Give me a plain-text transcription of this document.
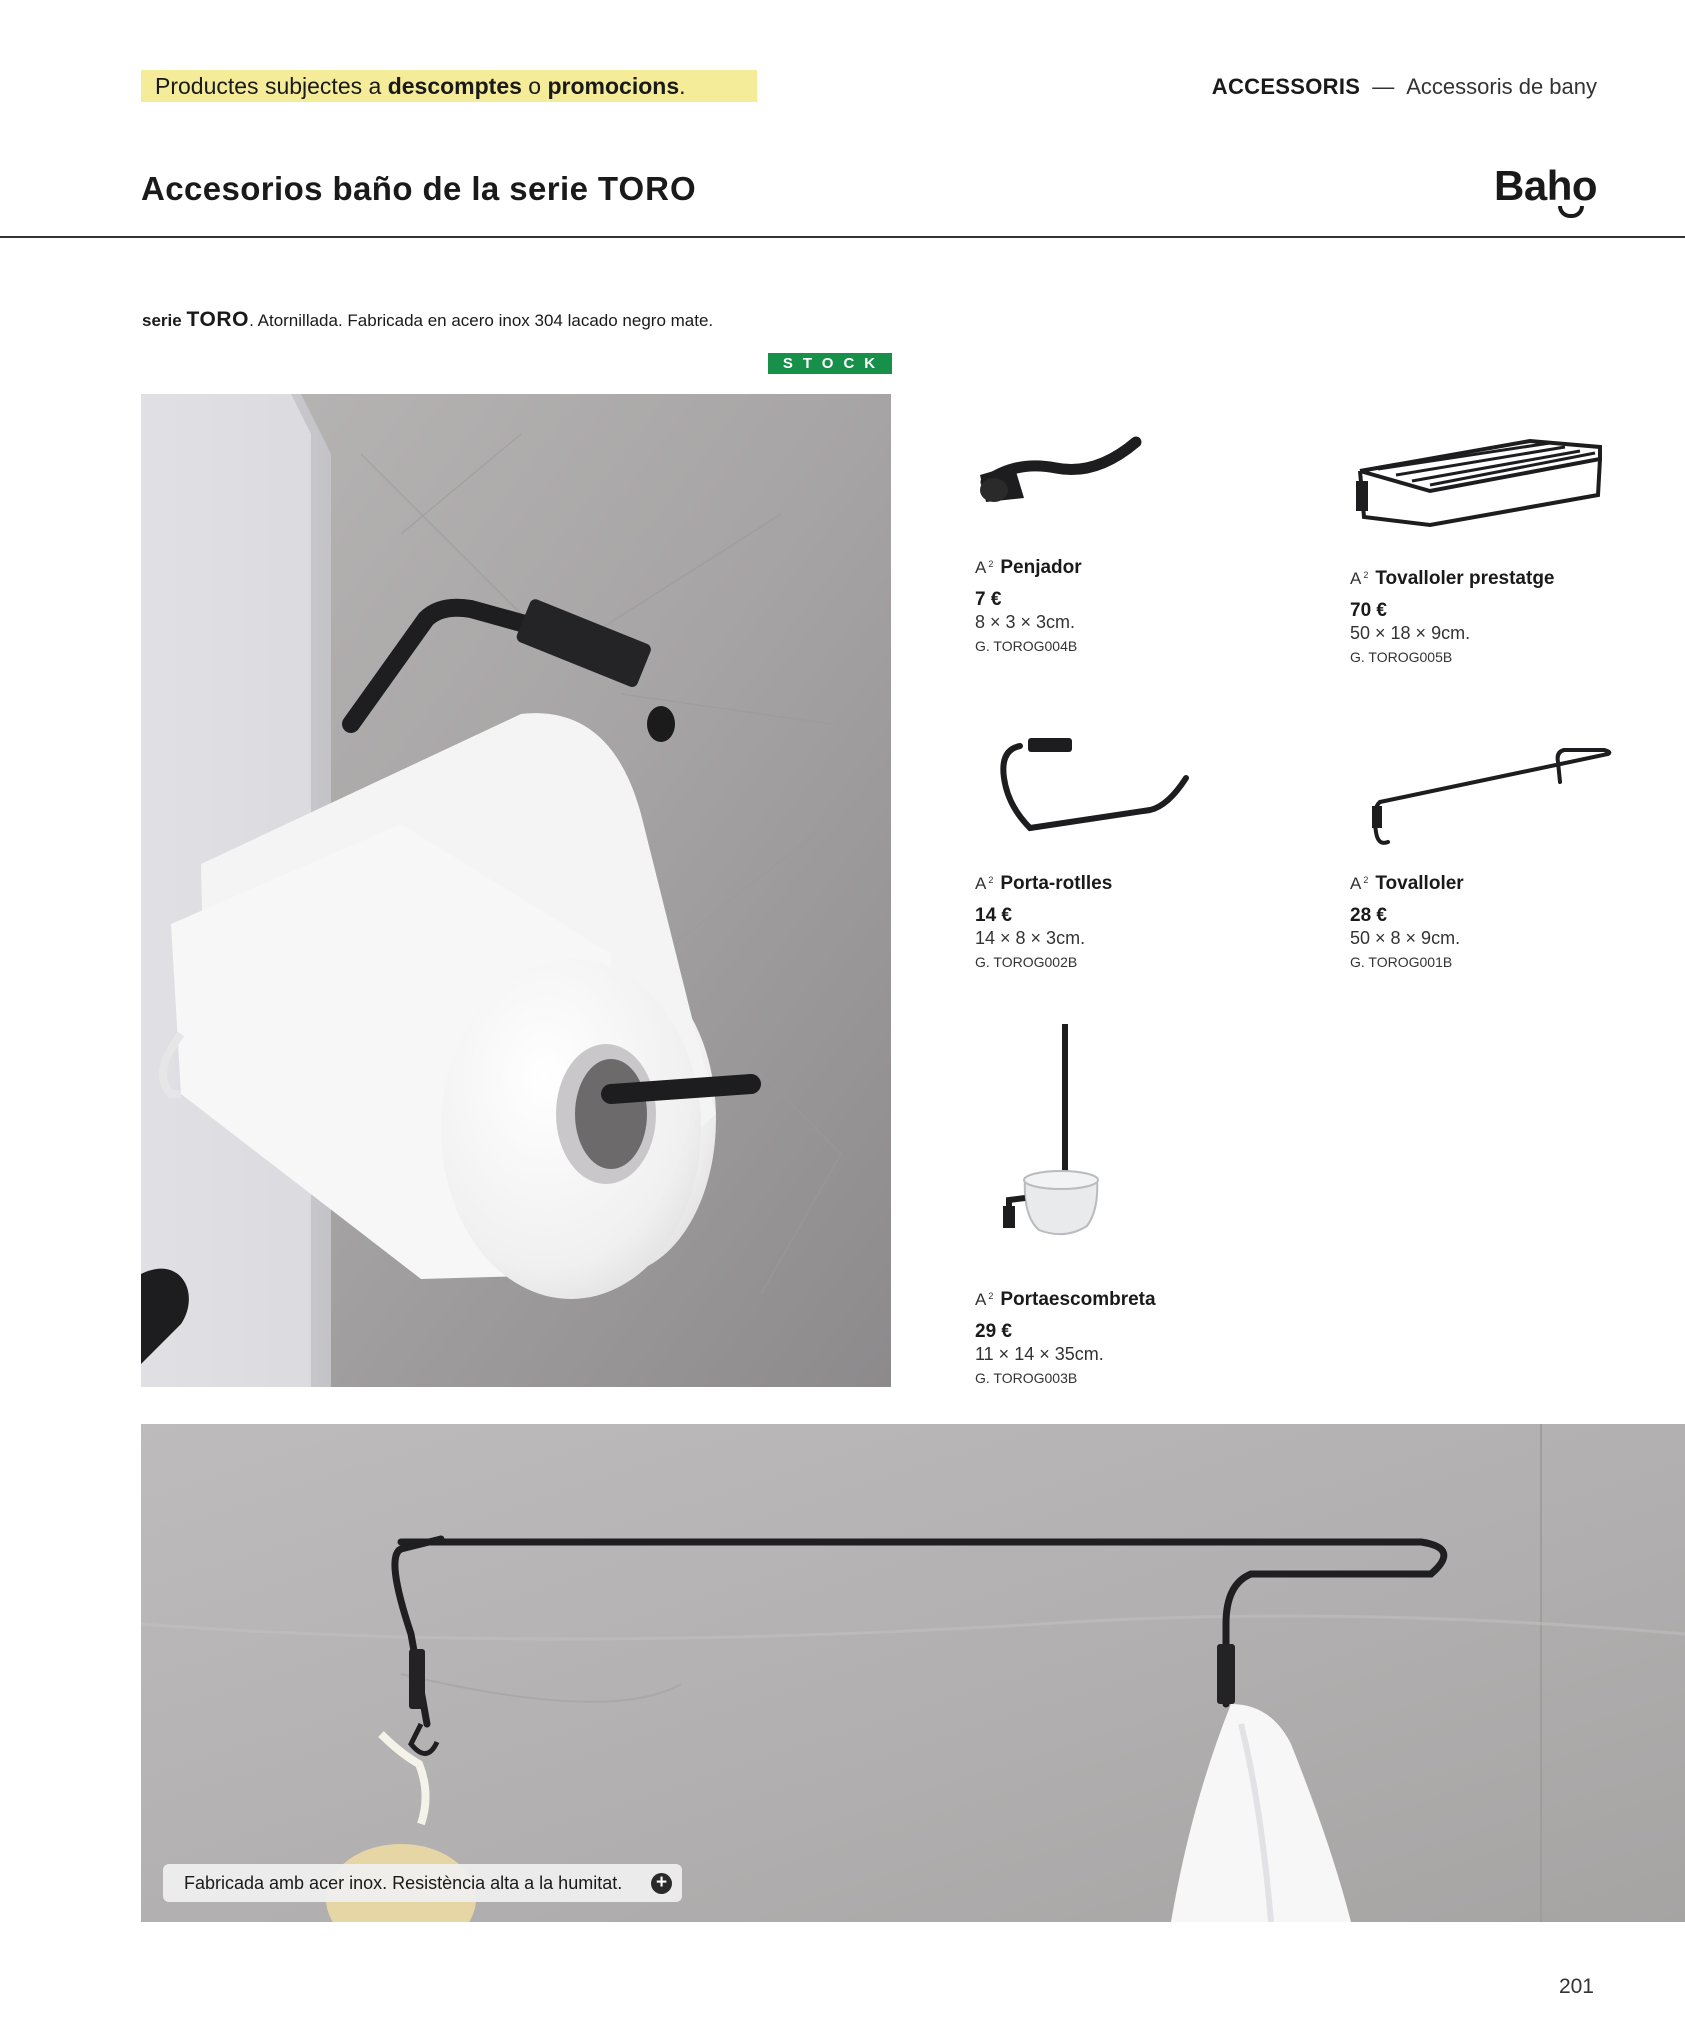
Productes subjectes a descomptes o promocions.	ACCESSORIS — Accessoris de bany
Accesorios baño de la serie TORO	Baho
serie TORO. Atornillada. Fabricada en acero inox 304 lacado negro mate.
STOCK
A 2 Penjador
7 €
8 × 3 × 3cm.
G. TOROG004B
A 2 Tovalloler prestatge
70 €
50 × 18 × 9cm.
G. TOROG005B
A 2 Porta-rotlles
14 €
14 × 8 × 3cm.
G. TOROG002B
A 2 Tovalloler
28 €
50 × 8 × 9cm.
G. TOROG001B
A 2 Portaescombreta
29 €
11 × 14 × 35cm.
G. TOROG003B
Fabricada amb acer inox. Resistència alta a la humitat.	+
201
